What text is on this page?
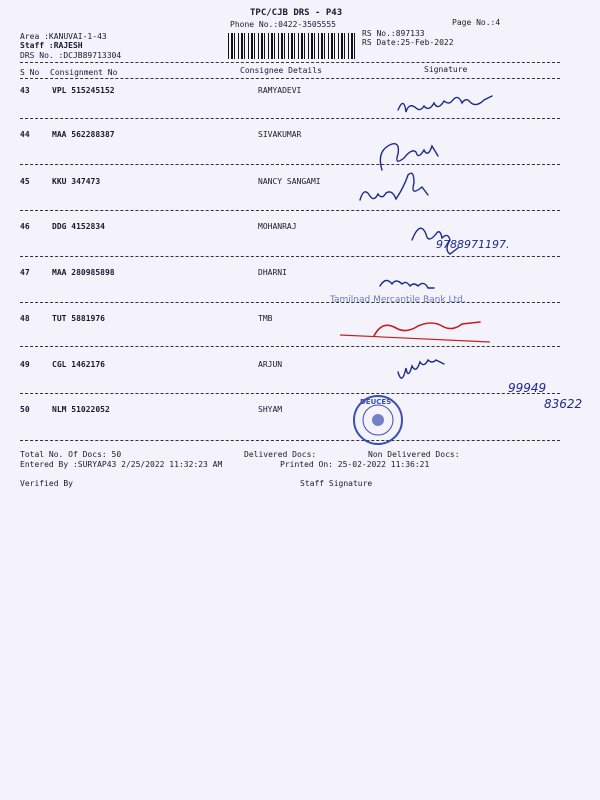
TPC/CJB DRS - P43
Phone No.:0422-3505555	Page No.:4
Area :KANUVAI-1-43
Staff :RAJESH
DRS No. :DCJB89713304
RS No.:897133
RS Date:25-Feb-2022
S No Consignment No	Consignee Details	Signature
43	VPL 515245152	RAMYADEVI
44	MAA 562288387	SIVAKUMAR
45	KKU 347473	NANCY SANGAMI
46	DDG 4152834	MOHANRAJ
47	MAA 280985898	DHARNI
48	TUT 5881976	TMB
49	CGL 1462176	ARJUN
50	NLM 51022052	SHYAM
Total No. Of Docs: 50	Delivered Docs:	Non Delivered Docs:
Entered By :SURYAP43 2/25/2022 11:32:23 AM	Printed On: 25-02-2022 11:36:21
Verified By	Staff Signature
9788971197.
99949
83622
Tamilnad Mercantile Bank Ltd.
DEUCES
